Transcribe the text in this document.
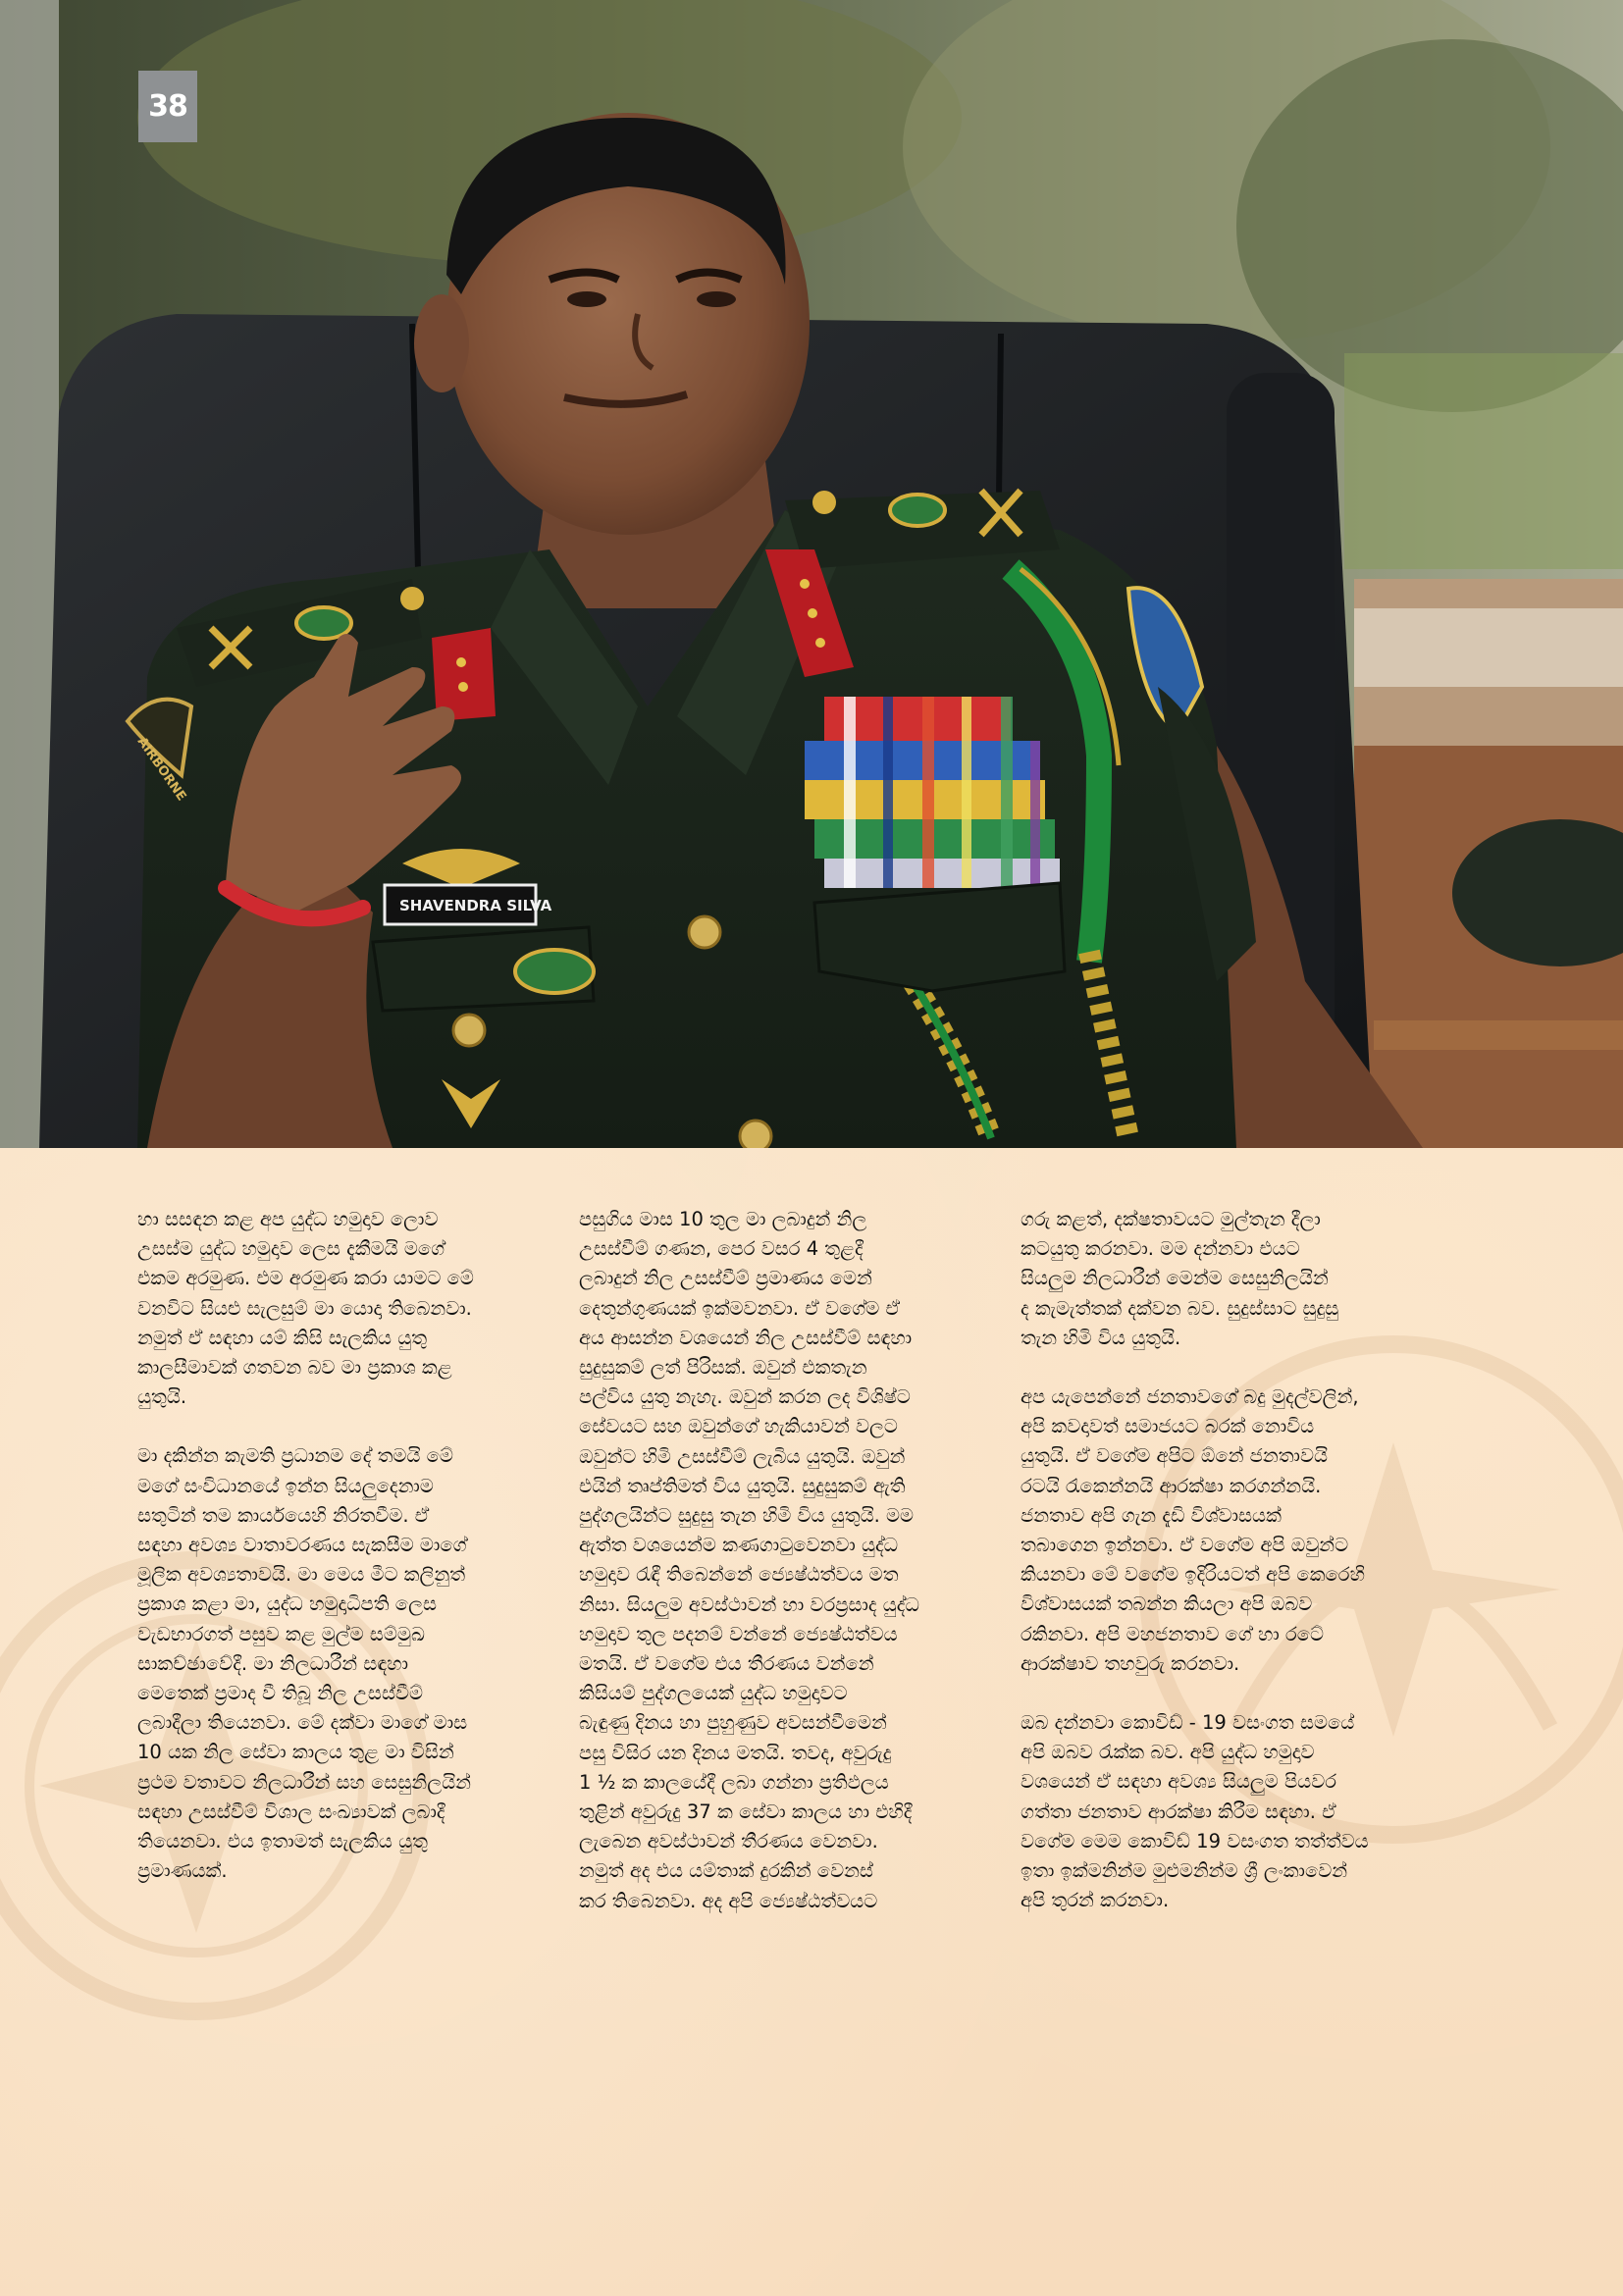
AIRBORNE
SHAVENDRA SILVA
38

හා සසඳන කළ අප යුද්ධ හමුදාව ලොව
උසස්ම යුද්ධ හමුදාව ලෙස දැකීමයි මගේ
එකම අරමුණ. එම අරමුණ කරා යාමට මේ
වනවිට සියළු සැලසුම් මා යොදා තිබෙනවා.
නමුත් ඒ සඳහා යම් කිසි සැලකිය යුතු
කාලසීමාවක් ගතවන බව මා ප්‍රකාශ කළ
යුතුයි.

මා දකින්න කැමති ප්‍රධානම දේ තමයි මේ
මගේ සංවිධානයේ ඉන්න සියලුදෙනාම
සතුටින් තම කාර්යයෙහි නිරතවීම. ඒ
සඳහා අවශ්‍ය වාතාවරණය සැකසීම මාගේ
මූලික අවශ්‍යතාවයි. මා මෙය මීට කලිනුත්
ප්‍රකාශ කළා මා, යුද්ධ හමුදාධිපති ලෙස
වැඩභාරගත් පසුව කළ මුල්ම සම්මුඛ
සාකච්ඡාවේදී. මා නිලධාරීන් සඳහා
මෙතෙක් ප්‍රමාද වී තිබූ නිල උසස්වීම්
ලබාදීලා තියෙනවා. මේ දක්වා මාගේ මාස
10 යක නිල සේවා කාලය තුළ මා විසින්
ප්‍රථම වතාවට නිලධාරීන් සහ සෙසුනිලයින්
සඳහා උසස්වීම් විශාල සංඛ්‍යාවක් ලබාදී
තියෙනවා. එය ඉතාමත් සැලකිය යුතු
ප්‍රමාණයක්.

පසුගිය මාස 10 තුල මා ලබාදුන් නිල
උසස්වීම් ගණන, පෙර වසර 4 තුළදී
ලබාදුන් නිල උසස්වීම් ප්‍රමාණය මෙන්
දෙතුන්ගුණයක් ඉක්මවනවා. ඒ වගේම ඒ
අය ආසන්න වශයෙන් නිල උසස්වීම් සඳහා
සුදුසුකම් ලත් පිරිසක්. ඔවුන් එකතැන
පල්විය යුතු නැහැ. ඔවුන් කරන ලද විශිෂ්ට
සේවයට සහ ඔවුන්ගේ හැකියාවන් වලට
ඔවුන්ට හිමි උසස්වීම් ලැබිය යුතුයි. ඔවුන්
එයින් තෘප්තිමත් විය යුතුයි. සුදුසුකම් ඇති
පුද්ගලයින්ට සුදුසු තැන හිමි විය යුතුයි. මම
ඇත්ත වශයෙන්ම කණගාටුවෙනවා යුද්ධ
හමුදාව රැඳී තිබෙන්නේ ජ්‍යෙෂ්ඨත්වය මත
නිසා. සියලුම අවස්ථාවන් හා වරප්‍රසාද යුද්ධ
හමුදාව තුල පදනම් වන්නේ ජ්‍යෙෂ්ඨත්වය
මතයි. ඒ වගේම එය තීරණය වන්නේ
කිසියම් පුද්ගලයෙක් යුද්ධ හමුදාවට
බැඳුණු දිනය හා පුහුණුව අවසන්වීමෙන්
පසු විසිර යන දිනය මතයි. තවද, අවුරුදු
1 ½ ක කාලයේදී ලබා ගන්නා ප්‍රතිඵලය
තුළින් අවුරුදු 37 ක සේවා කාලය හා එහිදී
ලැබෙන අවස්ථාවන් තීරණය වෙනවා.
නමුත් අද එය යම්තාක් දුරකින් වෙනස්
කර තිබෙනවා. අද අපි ජ්‍යෙෂ්ඨත්වයට

ගරු කළත්, දක්ෂතාවයට මුල්තැන දීලා
කටයුතු කරනවා. මම දන්නවා එයට
සියලුම නිලධාරීන් මෙන්ම සෙසුනිලයින්
ද කැමැත්තක් දක්වන බව. සුදුස්සාට සුදුසු
තැන හිමි විය යුතුයි.

අප යැපෙන්නේ ජනතාවගේ බදු මුදල්වලින්,
අපි කවදාවත් සමාජයට බරක් නොවිය
යුතුයි. ඒ වගේම අපිට ඕනේ ජනතාවයි
රටයි රැකෙන්නයි ආරක්ෂා කරගන්නයි.
ජනතාව අපි ගැන දැඩි විශ්වාසයක්
තබාගෙන ඉන්නවා. ඒ වගේම අපි ඔවුන්ට
කියනවා මේ වගේම ඉදිරියටත් අපි කෙරෙහි
විශ්වාසයක් තබන්න කියලා අපි ඔබව
රකිනවා. අපි මහජනතාව ගේ හා රටේ
ආරක්ෂාව තහවුරු කරනවා.

ඔබ දන්නවා කොවිඩ් - 19 වසංගත සමයේ
අපි ඔබව රැක්ක බව. අපි යුද්ධ හමුදාව
වශයෙන් ඒ සඳහා අවශ්‍ය සියලුම පියවර
ගත්තා ජනතාව ආරක්ෂා කිරීම සඳහා. ඒ
වගේම මෙම කොවිඩ් 19 වසංගත තත්ත්වය
ඉතා ඉක්මනින්ම මුළුමනින්ම ශ්‍රී ලංකාවෙන්
අපි තුරන් කරනවා.
